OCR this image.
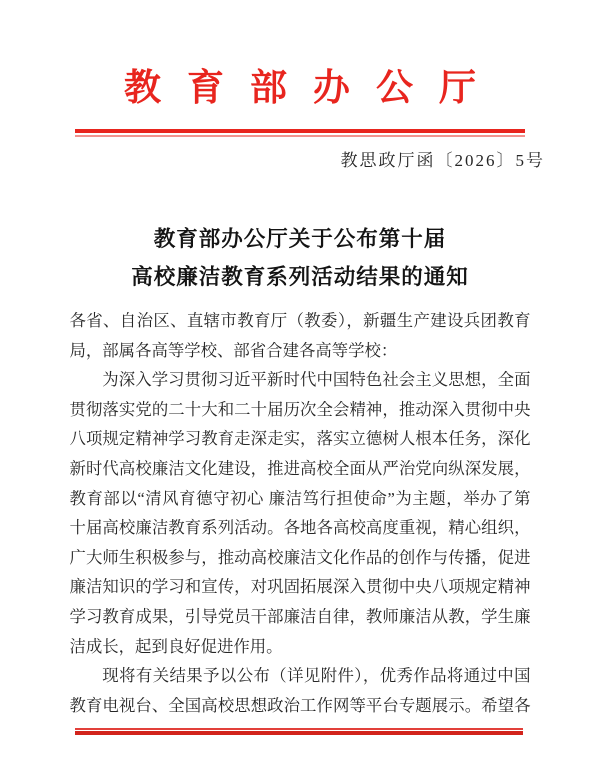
教育部办公厅
教思政厅函〔2026〕5号
教育部办公厅关于公布第十届
高校廉洁教育系列活动结果的通知
各省、自治区、直辖市教育厅（教委），新疆生产建设兵团教育
局，部属各高等学校、部省合建各高等学校：
为深入学习贯彻习近平新时代中国特色社会主义思想，全面
贯彻落实党的二十大和二十届历次全会精神，推动深入贯彻中央
八项规定精神学习教育走深走实，落实立德树人根本任务，深化
新时代高校廉洁文化建设，推进高校全面从严治党向纵深发展，
教育部以“清风育德守初心 廉洁笃行担使命”为主题，举办了第
十届高校廉洁教育系列活动。各地各高校高度重视，精心组织，
广大师生积极参与，推动高校廉洁文化作品的创作与传播，促进
廉洁知识的学习和宣传，对巩固拓展深入贯彻中央八项规定精神
学习教育成果，引导党员干部廉洁自律，教师廉洁从教，学生廉
洁成长，起到良好促进作用。
现将有关结果予以公布（详见附件），优秀作品将通过中国
教育电视台、全国高校思想政治工作网等平台专题展示。希望各
